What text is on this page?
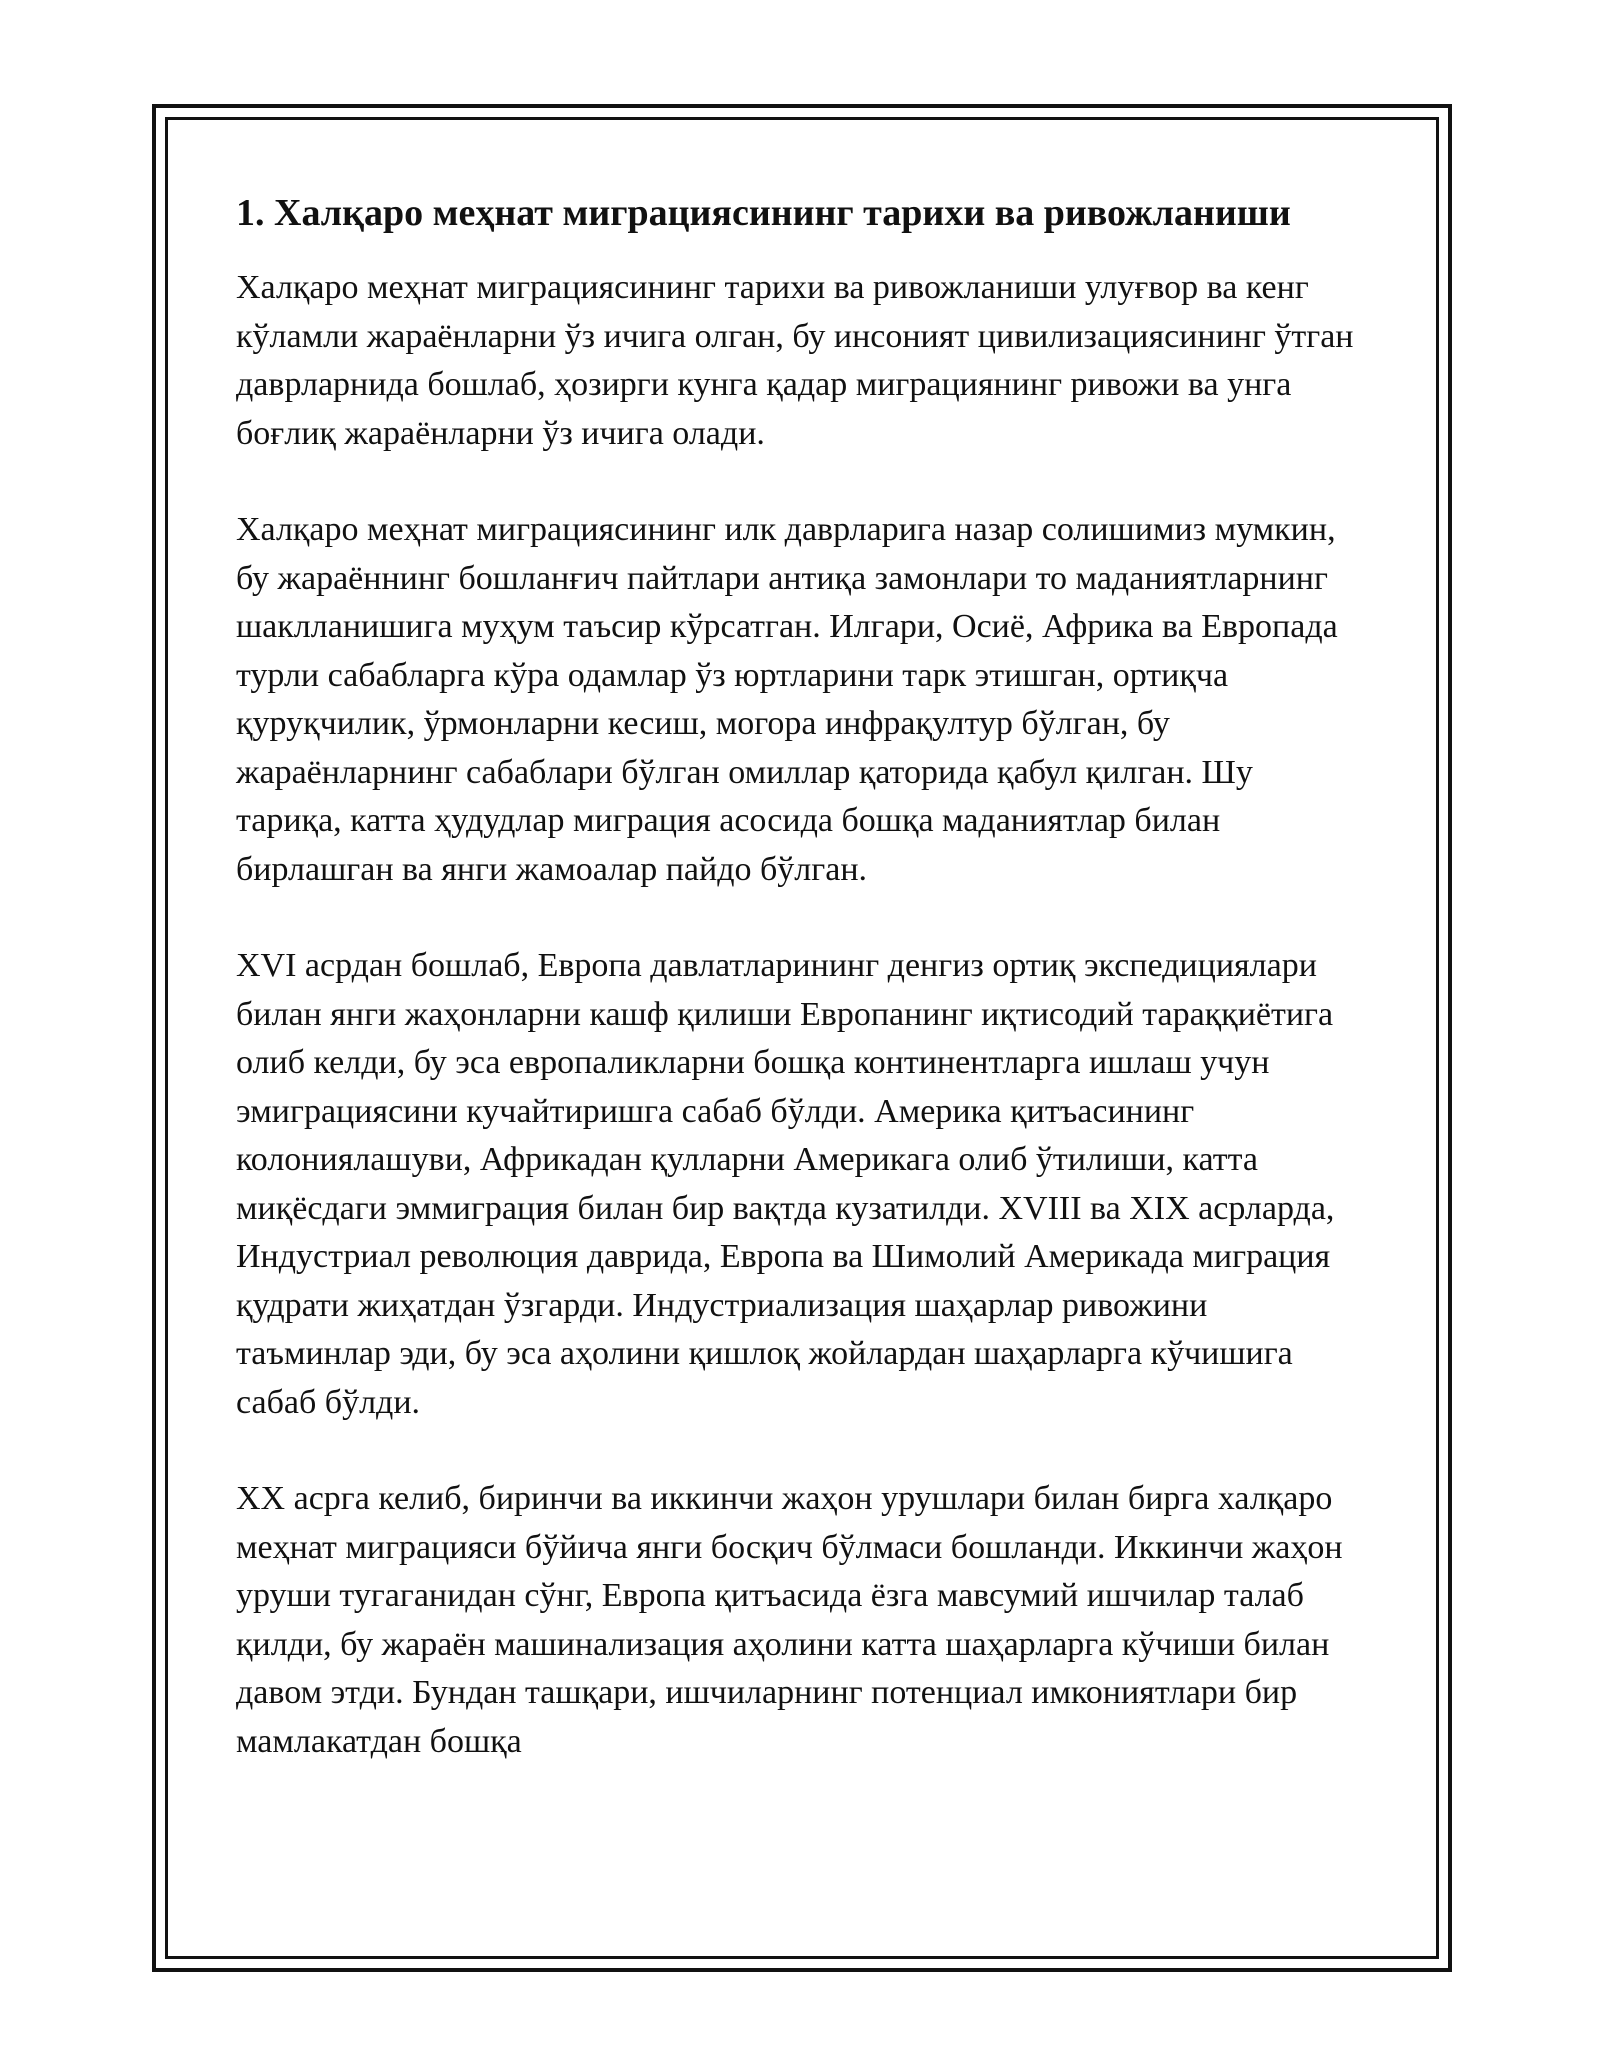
1. Халқаро меҳнат миграциясининг тарихи ва ривожланиши

Халқаро меҳнат миграциясининг тарихи ва ривожланиши улуғвор ва кенг кўламли жараёнларни ўз ичига олган, бу инсоният цивилизациясининг ўтган даврларнида бошлаб, ҳозирги кунга қадар миграциянинг ривожи ва унга боғлиқ жараёнларни ўз ичига олади.

Халқаро меҳнат миграциясининг илк даврларига назар солишимиз мумкин, бу жараённинг бошланғич пайтлари антиқа замонлари то маданиятларнинг шаклланишига муҳум таъсир кўрсатган. Илгари, Осиё, Африка ва Европада турли сабабларга кўра одамлар ўз юртларини тарк этишган, ортиқча қуруқчилик, ўрмонларни кесиш, могора инфрақултур бўлган, бу жараёнларнинг сабаблари бўлган омиллар қаторида қабул қилган. Шу тариқа, катта ҳудудлар миграция асосида бошқа маданиятлар билан бирлашган ва янги жамоалар пайдо бўлган.

XVI асрдан бошлаб, Европа давлатларининг денгиз ортиқ экспедициялари билан янги жаҳонларни кашф қилиши Европанинг иқтисодий тараққиётига олиб келди, бу эса европаликларни бошқа континентларга ишлаш учун эмиграциясини кучайтиришга сабаб бўлди. Америка қитъасининг колониялашуви, Африкадан қулларни Америкага олиб ўтилиши, катта миқёсдаги эммиграция билан бир вақтда кузатилди. XVIII ва XIX асрларда, Индустриал революция даврида, Европа ва Шимолий Америкада миграция қудрати жиҳатдан ўзгарди. Индустриализация шаҳарлар ривожини таъминлар эди, бу эса аҳолини қишлоқ жойлардан шаҳарларга кўчишига сабаб бўлди.

XX асрга келиб, биринчи ва иккинчи жаҳон урушлари билан бирга халқаро меҳнат миграцияси бўйича янги босқич бўлмаси бошланди. Иккинчи жаҳон уруши тугаганидан сўнг, Европа қитъасида ёзга мавсумий ишчилар талаб қилди, бу жараён машинализация аҳолини катта шаҳарларга кўчиши билан давом этди. Бундан ташқари, ишчиларнинг потенциал имкониятлари бир мамлакатдан бошқа
